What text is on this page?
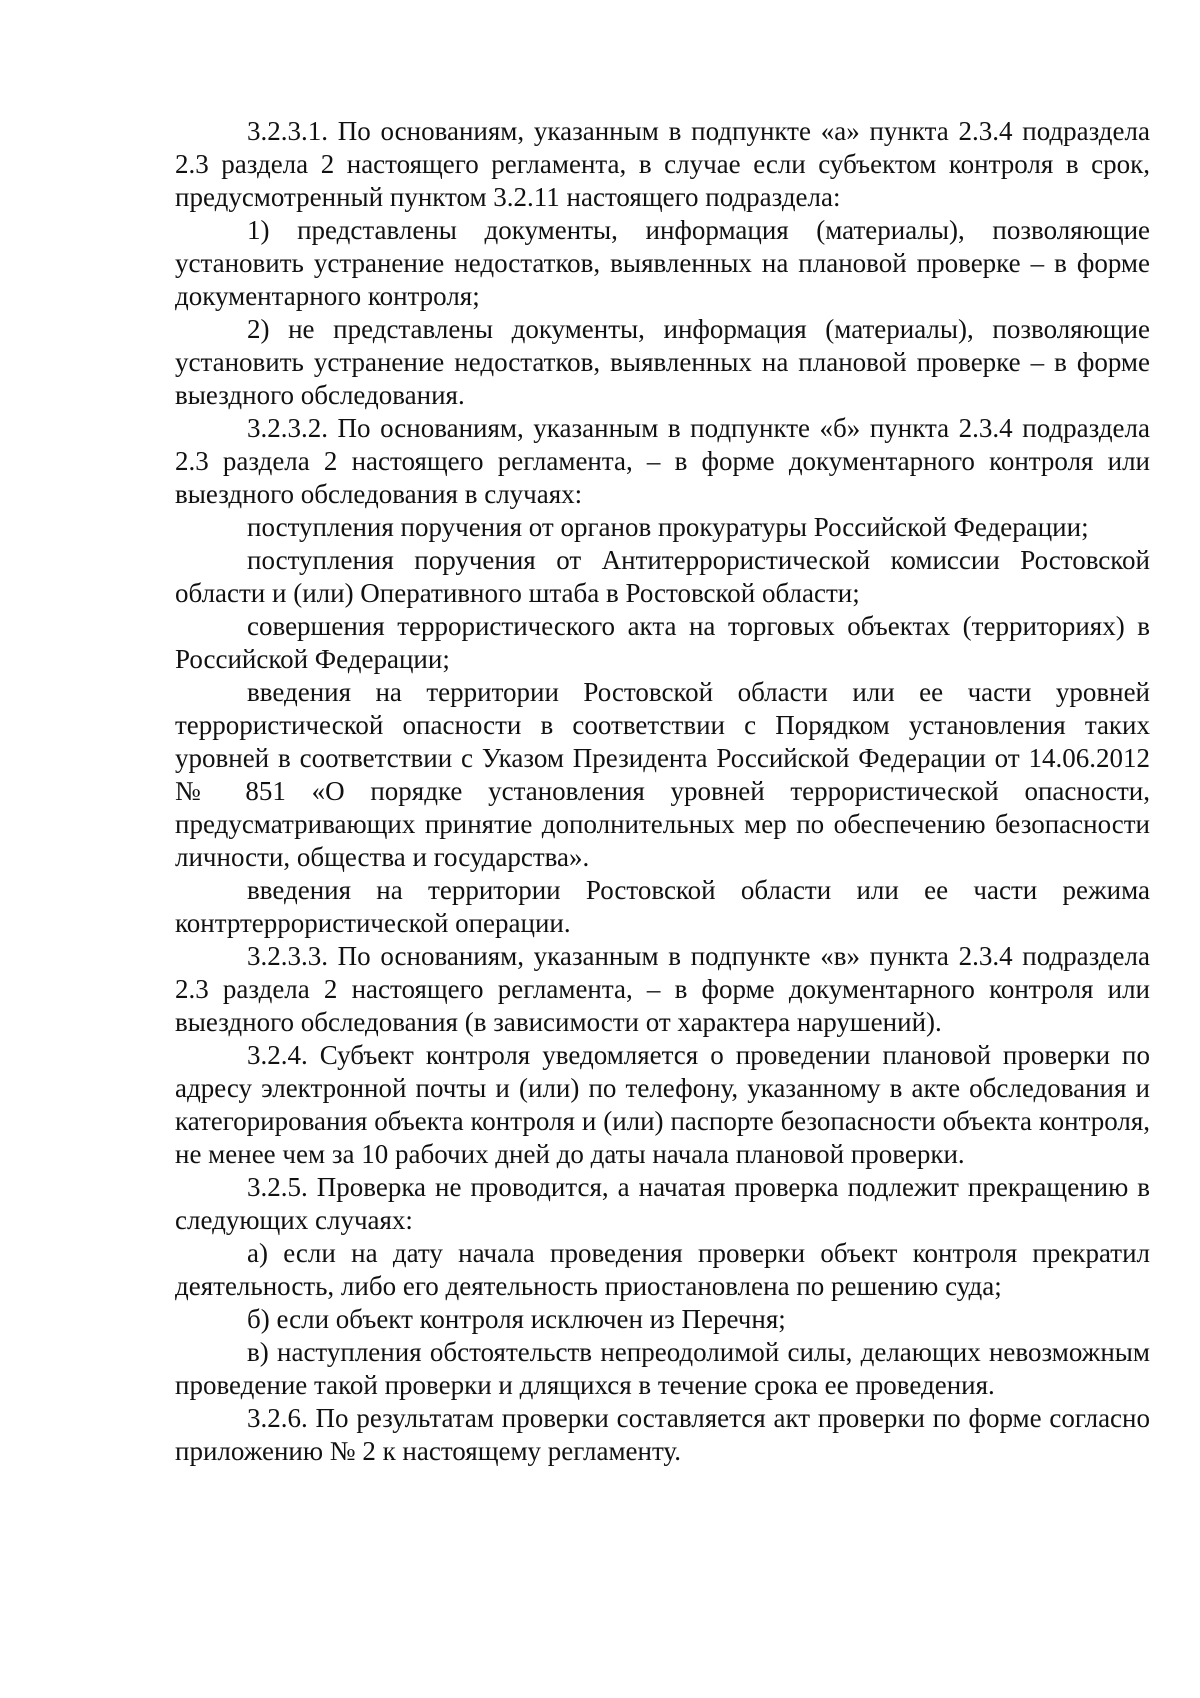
3.2.3.1. По основаниям, указанным в подпункте «а» пункта 2.3.4 подраздела 2.3 раздела 2 настоящего регламента, в случае если субъектом контроля в срок, предусмотренный пунктом 3.2.11 настоящего подраздела:

1) представлены документы, информация (материалы), позволяющие установить устранение недостатков, выявленных на плановой проверке – в форме документарного контроля;

2) не представлены документы, информация (материалы), позволяющие установить устранение недостатков, выявленных на плановой проверке – в форме выездного обследования.

3.2.3.2. По основаниям, указанным в подпункте «б» пункта 2.3.4 подраздела 2.3 раздела 2 настоящего регламента, – в форме документарного контроля или выездного обследования в случаях:

поступления поручения от органов прокуратуры Российской Федерации;

поступления поручения от Антитеррористической комиссии Ростовской области и (или) Оперативного штаба в Ростовской области;

совершения террористического акта на торговых объектах (территориях) в Российской Федерации;

введения на территории Ростовской области или ее части уровней террористической опасности в соответствии с Порядком установления таких уровней в соответствии с Указом Президента Российской Федерации от 14.06.2012 № 851 «О порядке установления уровней террористической опасности, предусматривающих принятие дополнительных мер по обеспечению безопасности личности, общества и государства».

введения на территории Ростовской области или ее части режима контртеррористической операции.

3.2.3.3. По основаниям, указанным в подпункте «в» пункта 2.3.4 подраздела 2.3 раздела 2 настоящего регламента, – в форме документарного контроля или выездного обследования (в зависимости от характера нарушений).

3.2.4. Субъект контроля уведомляется о проведении плановой проверки по адресу электронной почты и (или) по телефону, указанному в акте обследования и категорирования объекта контроля и (или) паспорте безопасности объекта контроля, не менее чем за 10 рабочих дней до даты начала плановой проверки.

3.2.5. Проверка не проводится, а начатая проверка подлежит прекращению в следующих случаях:

а) если на дату начала проведения проверки объект контроля прекратил деятельность, либо его деятельность приостановлена по решению суда;

б) если объект контроля исключен из Перечня;

в) наступления обстоятельств непреодолимой силы, делающих невозможным проведение такой проверки и длящихся в течение срока ее проведения.

3.2.6. По результатам проверки составляется акт проверки по форме согласно приложению № 2 к настоящему регламенту.
